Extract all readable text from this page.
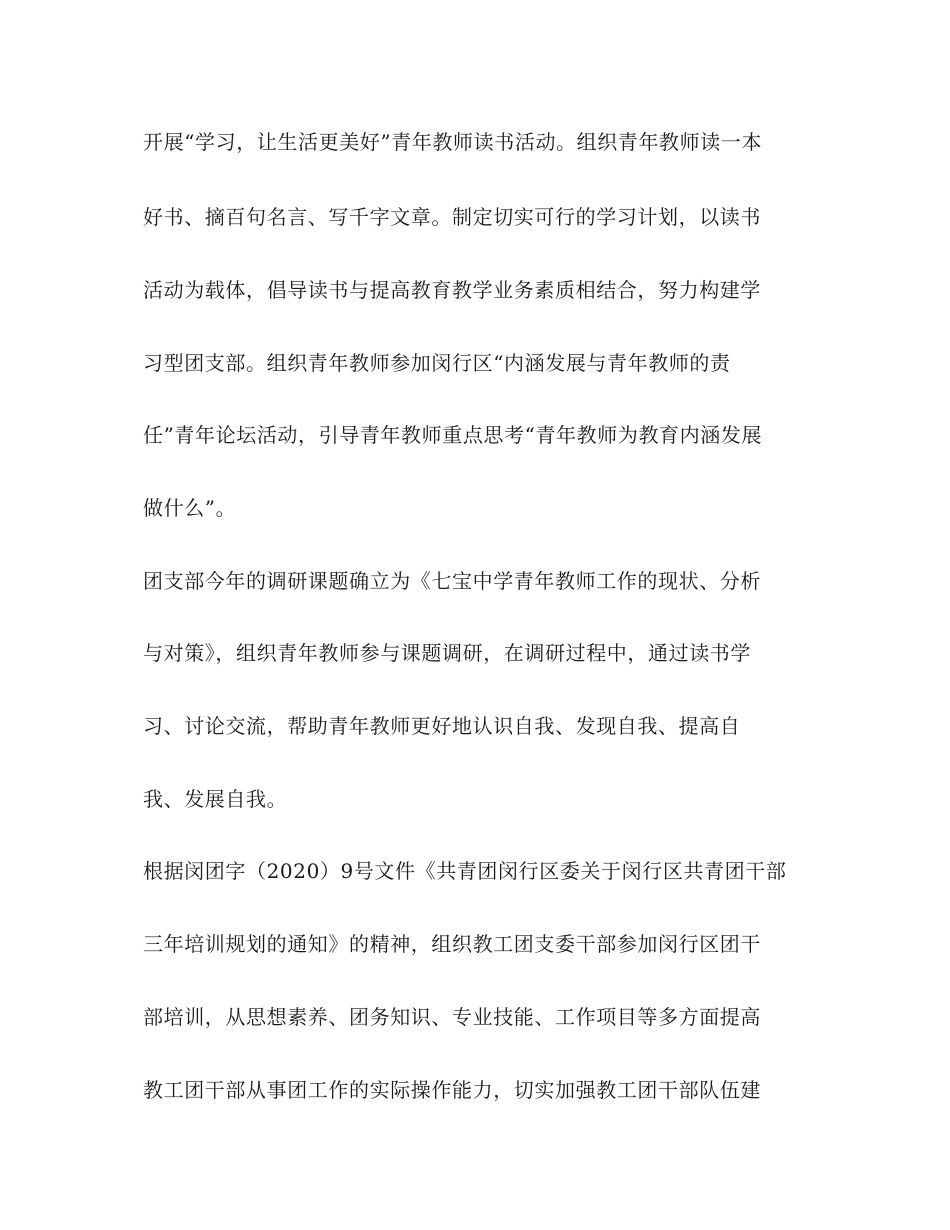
开展“学习，让生活更美好”青年教师读书活动。组织青年教师读一本
好书、摘百句名言、写千字文章。制定切实可行的学习计划，以读书
活动为载体，倡导读书与提高教育教学业务素质相结合，努力构建学
习型团支部。组织青年教师参加闵行区“内涵发展与青年教师的责
任”青年论坛活动，引导青年教师重点思考“青年教师为教育内涵发展
做什么”。
团支部今年的调研课题确立为《七宝中学青年教师工作的现状、分析
与对策》，组织青年教师参与课题调研，在调研过程中，通过读书学
习、讨论交流，帮助青年教师更好地认识自我、发现自我、提高自
我、发展自我。
根据闵团字（2020）9号文件《共青团闵行区委关于闵行区共青团干部
三年培训规划的通知》的精神，组织教工团支委干部参加闵行区团干
部培训，从思想素养、团务知识、专业技能、工作项目等多方面提高
教工团干部从事团工作的实际操作能力，切实加强教工团干部队伍建
